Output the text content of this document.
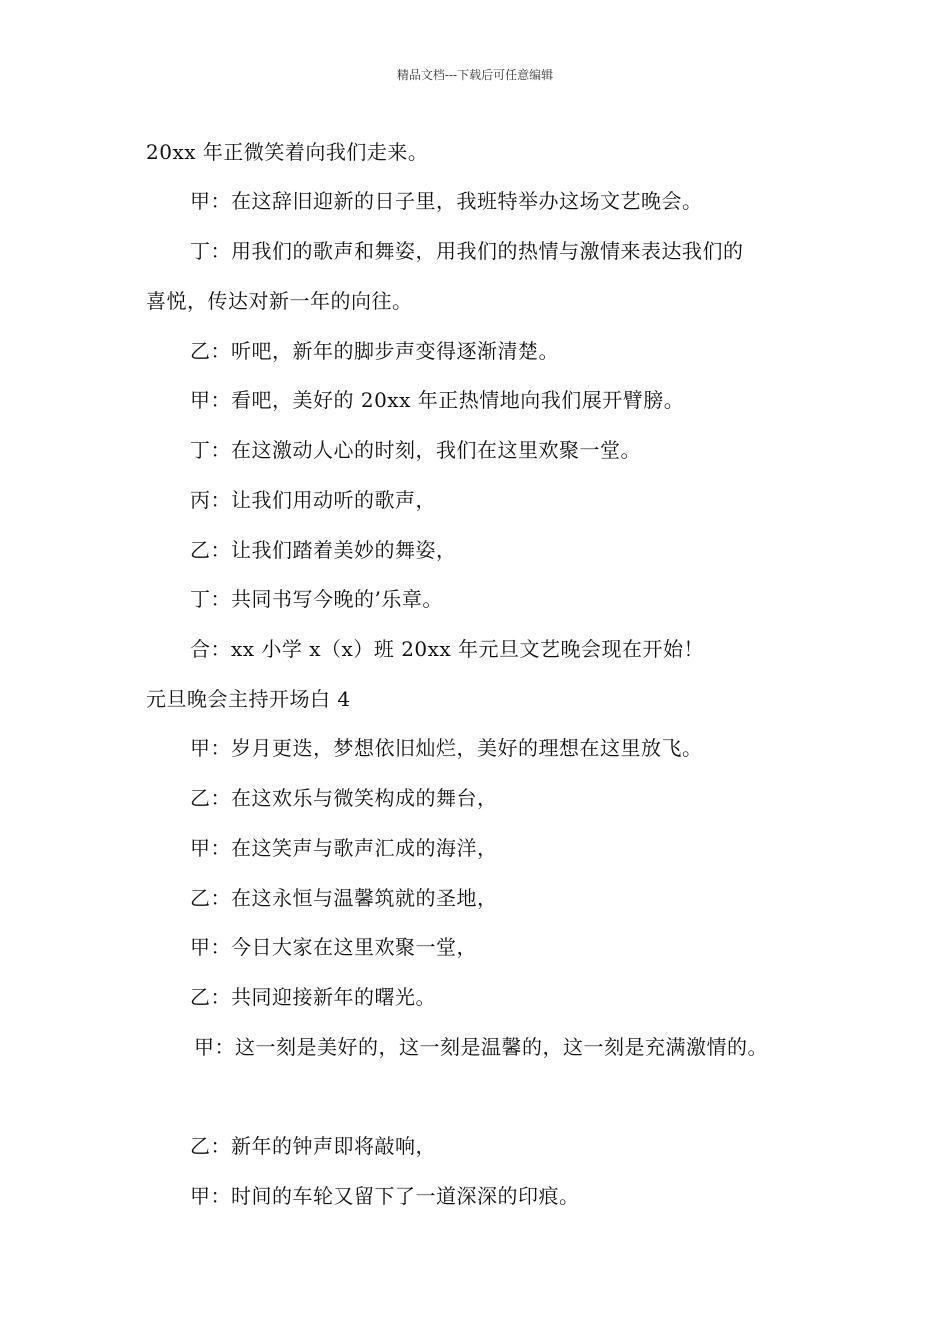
精品文档---下载后可任意编辑
20xx 年正微笑着向我们走来。
甲：在这辞旧迎新的日子里，我班特举办这场文艺晚会。
丁：用我们的歌声和舞姿，用我们的热情与激情来表达我们的
喜悦，传达对新一年的向往。
乙：听吧，新年的脚步声变得逐渐清楚。
甲：看吧，美好的 20xx 年正热情地向我们展开臂膀。
丁：在这激动人心的时刻，我们在这里欢聚一堂。
丙：让我们用动听的歌声，
乙：让我们踏着美妙的舞姿，
丁：共同书写今晚的’乐章。
合：xx 小学 x（x）班 20xx 年元旦文艺晚会现在开始！
元旦晚会主持开场白 4
甲：岁月更迭，梦想依旧灿烂，美好的理想在这里放飞。
乙：在这欢乐与微笑构成的舞台，
甲：在这笑声与歌声汇成的海洋，
乙：在这永恒与温馨筑就的圣地，
甲：今日大家在这里欢聚一堂，
乙：共同迎接新年的曙光。
甲：这一刻是美好的，这一刻是温馨的，这一刻是充满激情的。
乙：新年的钟声即将敲响，
甲：时间的车轮又留下了一道深深的印痕。
